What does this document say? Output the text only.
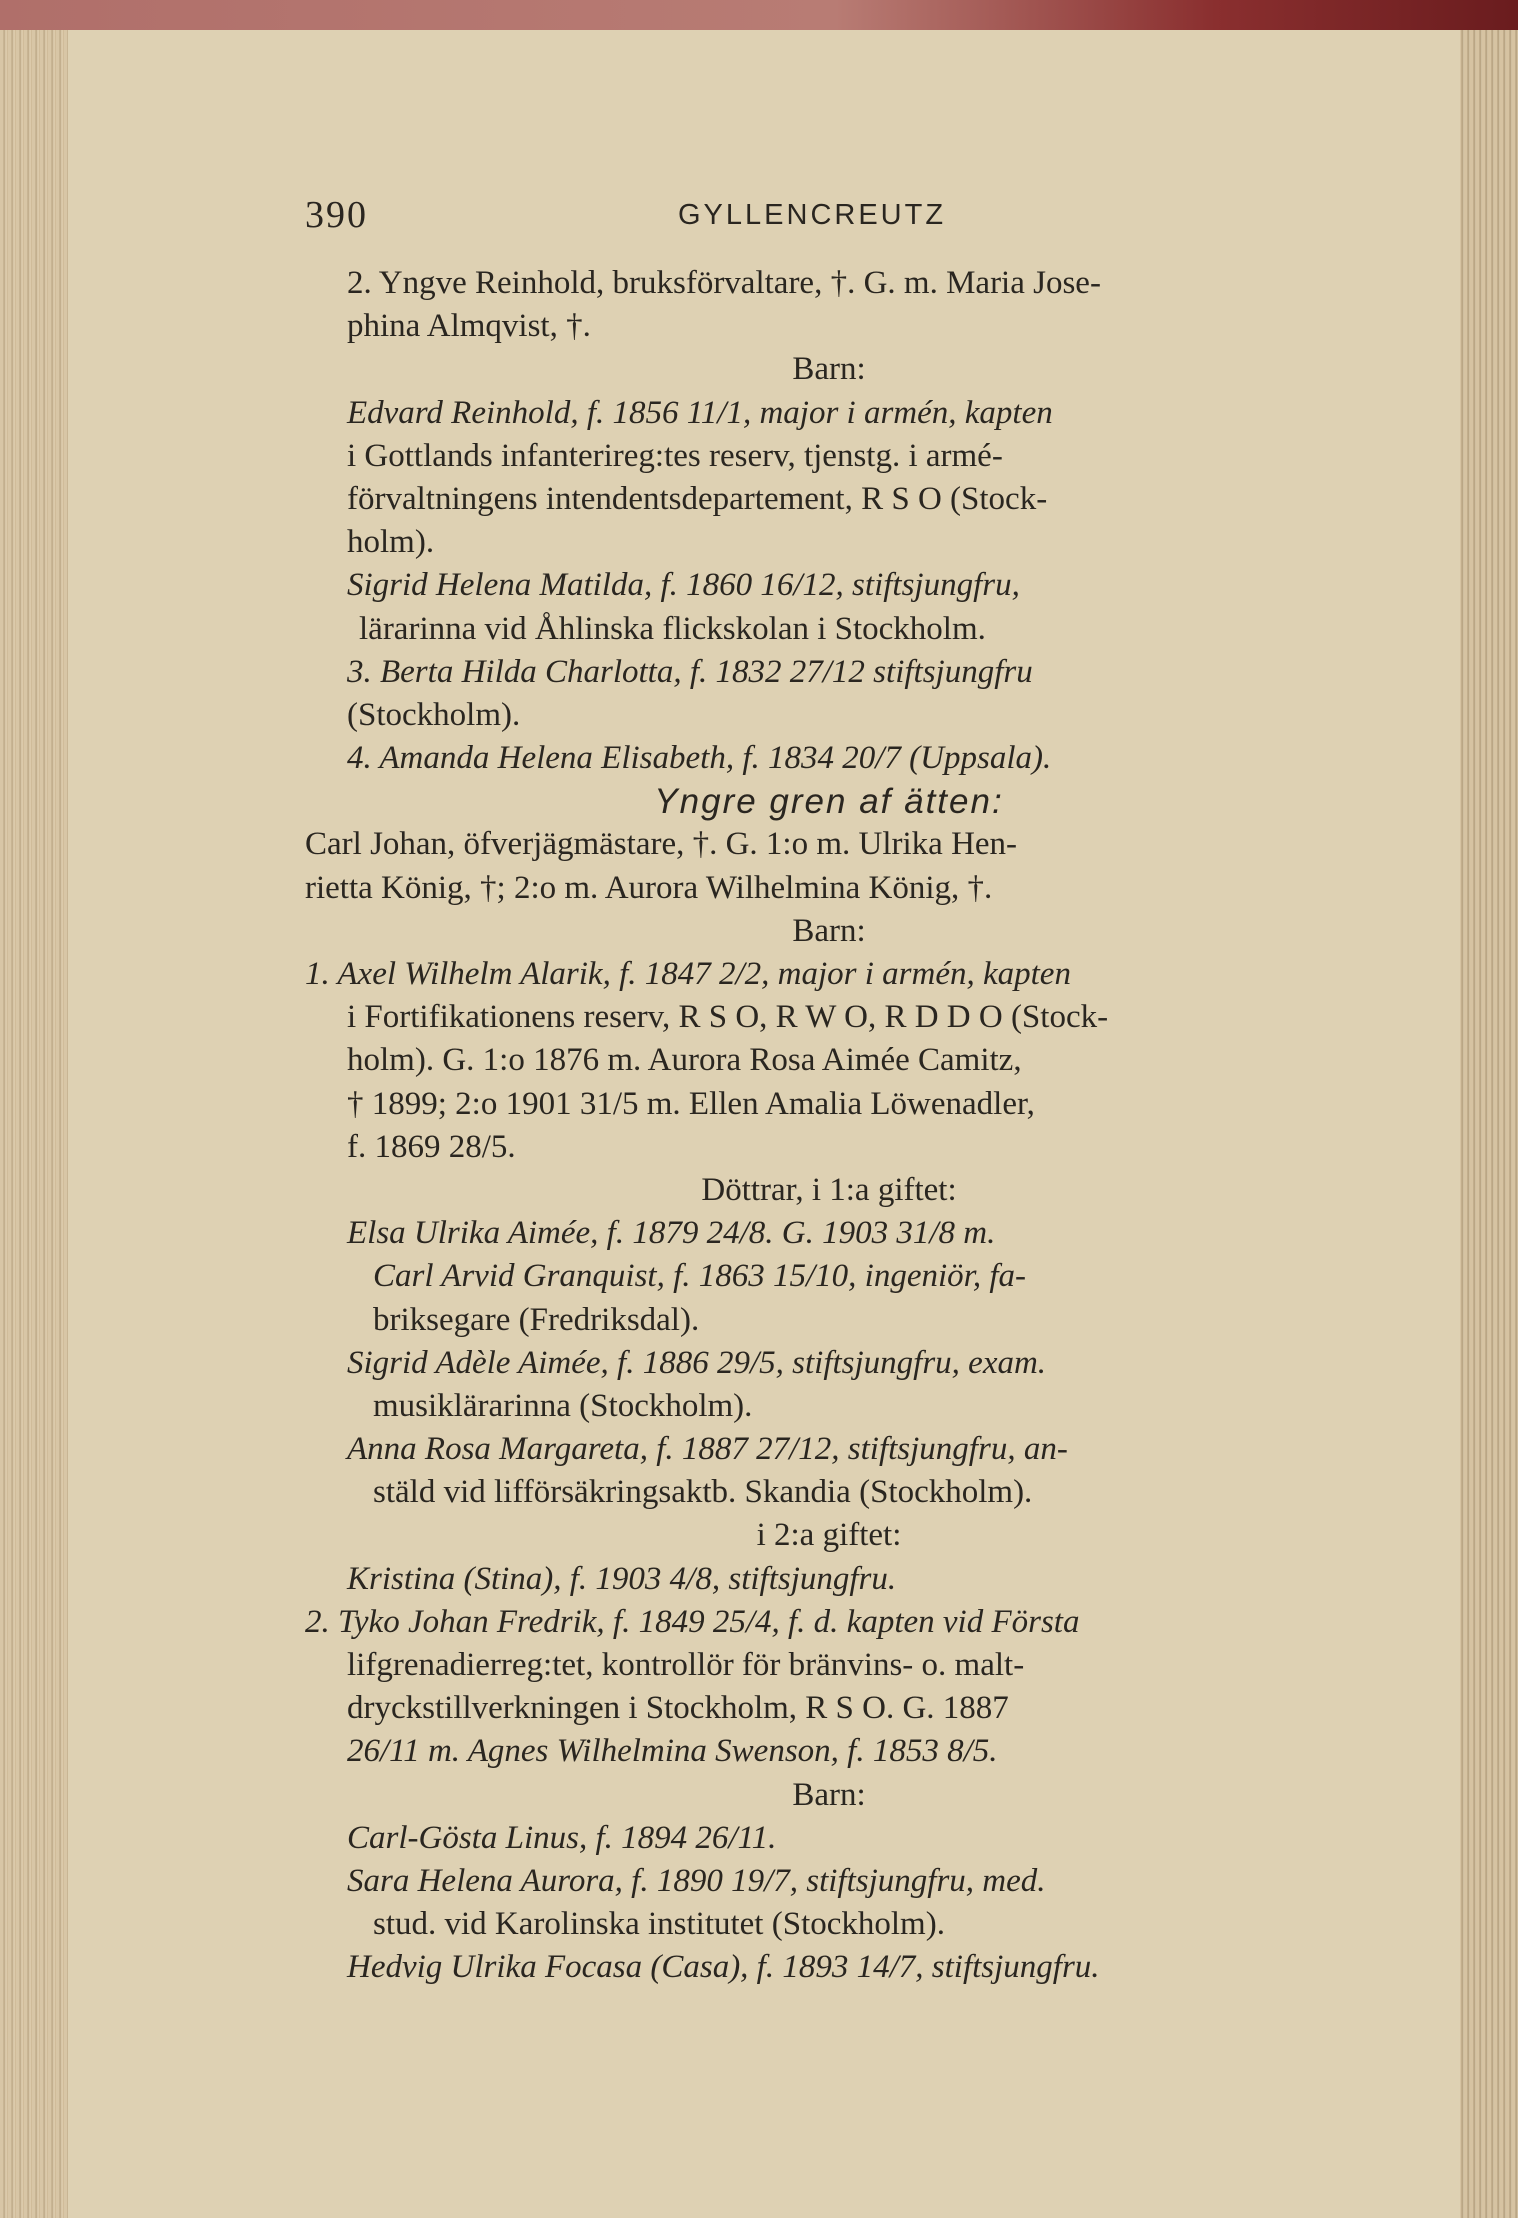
390	GYLLENCREUTZ
2. Yngve Reinhold, bruksförvaltare, †. G. m. Maria Jose-
phina Almqvist, †.
Barn:
Edvard Reinhold, f. 1856 11/1, major i armén, kapten
i Gottlands infanterireg:tes reserv, tjenstg. i armé-
förvaltningens intendentsdepartement, R S O (Stock-
holm).
Sigrid Helena Matilda, f. 1860 16/12, stiftsjungfru,
lärarinna vid Åhlinska flickskolan i Stockholm.
3. Berta Hilda Charlotta, f. 1832 27/12 stiftsjungfru
(Stockholm).
4. Amanda Helena Elisabeth, f. 1834 20/7 (Uppsala).
Yngre gren af ätten:
Carl Johan, öfverjägmästare, †. G. 1:o m. Ulrika Hen-
rietta König, †; 2:o m. Aurora Wilhelmina König, †.
Barn:
1. Axel Wilhelm Alarik, f. 1847 2/2, major i armén, kapten
i Fortifikationens reserv, R S O, R W O, R D D O (Stock-
holm). G. 1:o 1876 m. Aurora Rosa Aimée Camitz,
† 1899; 2:o 1901 31/5 m. Ellen Amalia Löwenadler,
f. 1869 28/5.
Döttrar, i 1:a giftet:
Elsa Ulrika Aimée, f. 1879 24/8. G. 1903 31/8 m.
Carl Arvid Granquist, f. 1863 15/10, ingeniör, fa-
briksegare (Fredriksdal).
Sigrid Adèle Aimée, f. 1886 29/5, stiftsjungfru, exam.
musiklärarinna (Stockholm).
Anna Rosa Margareta, f. 1887 27/12, stiftsjungfru, an-
stäld vid lifförsäkringsaktb. Skandia (Stockholm).
i 2:a giftet:
Kristina (Stina), f. 1903 4/8, stiftsjungfru.
2. Tyko Johan Fredrik, f. 1849 25/4, f. d. kapten vid Första
lifgrenadierreg:tet, kontrollör för bränvins- o. malt-
dryckstillverkningen i Stockholm, R S O. G. 1887
26/11 m. Agnes Wilhelmina Swenson, f. 1853 8/5.
Barn:
Carl-Gösta Linus, f. 1894 26/11.
Sara Helena Aurora, f. 1890 19/7, stiftsjungfru, med.
stud. vid Karolinska institutet (Stockholm).
Hedvig Ulrika Focasa (Casa), f. 1893 14/7, stiftsjungfru.
